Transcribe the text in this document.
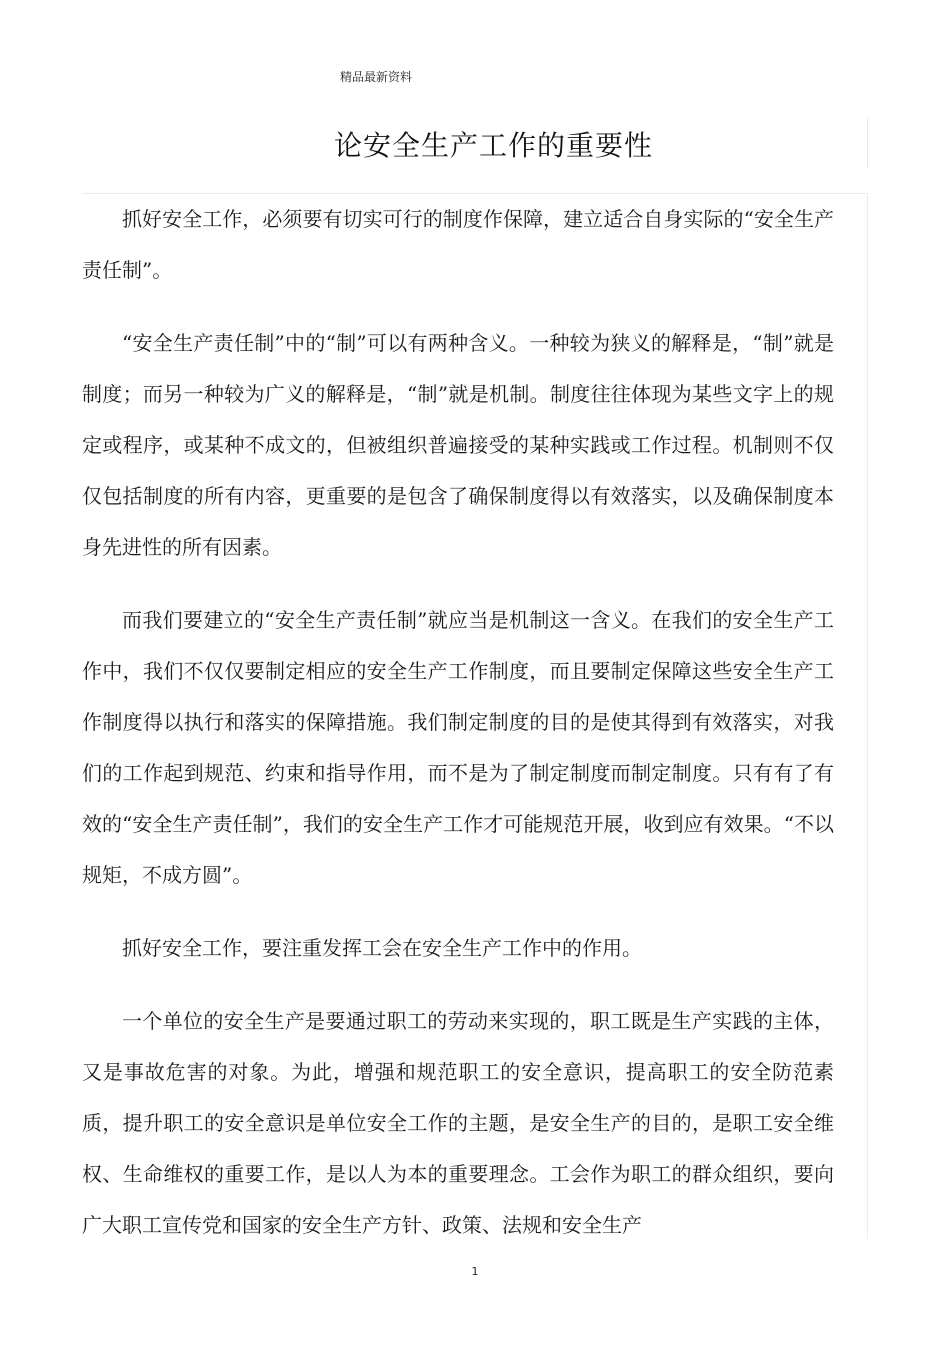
精品最新资料
论安全生产工作的重要性

抓好安全工作，必须要有切实可行的制度作保障，建立适合自身实际的“安全生产责任制”。

“安全生产责任制”中的“制”可以有两种含义。一种较为狭义的解释是，“制”就是制度；而另一种较为广义的解释是，“制”就是机制。制度往往体现为某些文字上的规定或程序，或某种不成文的，但被组织普遍接受的某种实践或工作过程。机制则不仅仅包括制度的所有内容，更重要的是包含了确保制度得以有效落实，以及确保制度本身先进性的所有因素。

而我们要建立的“安全生产责任制”就应当是机制这一含义。在我们的安全生产工作中，我们不仅仅要制定相应的安全生产工作制度，而且要制定保障这些安全生产工作制度得以执行和落实的保障措施。我们制定制度的目的是使其得到有效落实，对我们的工作起到规范、约束和指导作用，而不是为了制定制度而制定制度。只有有了有效的“安全生产责任制”，我们的安全生产工作才可能规范开展，收到应有效果。“不以规矩，不成方圆”。

抓好安全工作，要注重发挥工会在安全生产工作中的作用。

一个单位的安全生产是要通过职工的劳动来实现的，职工既是生产实践的主体，又是事故危害的对象。为此，增强和规范职工的安全意识，提高职工的安全防范素质，提升职工的安全意识是单位安全工作的主题，是安全生产的目的，是职工安全维权、生命维权的重要工作，是以人为本的重要理念。工会作为职工的群众组织，要向广大职工宣传党和国家的安全生产方针、政策、法规和安全生产

1
